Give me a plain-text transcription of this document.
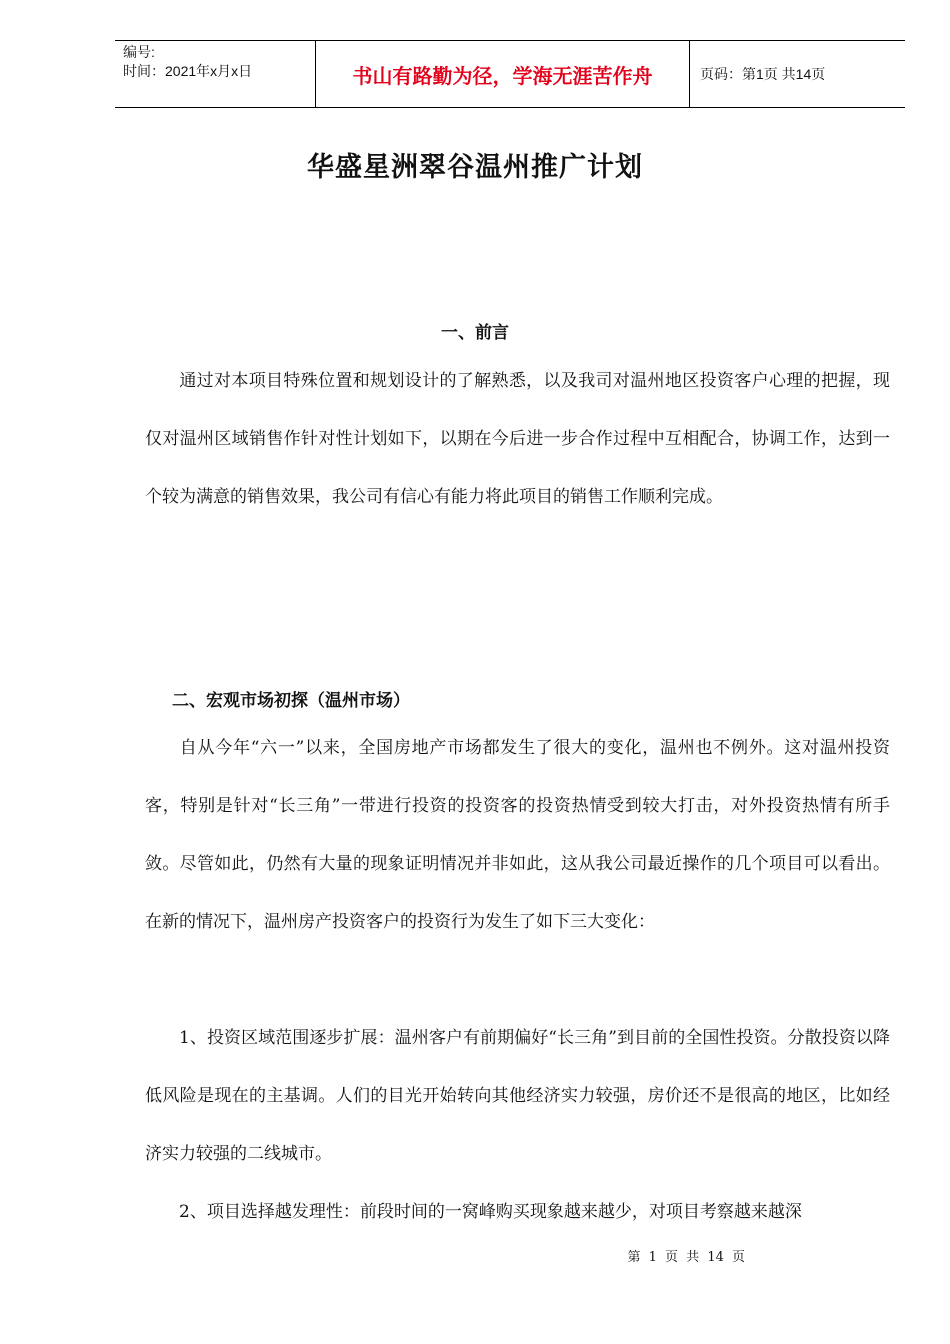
编号:
时间：2021年x月x日	书山有路勤为径，学海无涯苦作舟	页码：第1页 共14页
华盛星洲翠谷温州推广计划
一、前言

通过对本项目特殊位置和规划设计的了解熟悉，以及我司对温州地区投资客户心理的把握，现仅对温州区域销售作针对性计划如下，以期在今后进一步合作过程中互相配合，协调工作，达到一个较为满意的销售效果，我公司有信心有能力将此项目的销售工作顺利完成。

二、宏观市场初探（温州市场）

自从今年“六一”以来，全国房地产市场都发生了很大的变化，温州也不例外。这对温州投资客，特别是针对“长三角”一带进行投资的投资客的投资热情受到较大打击，对外投资热情有所手敛。尽管如此，仍然有大量的现象证明情况并非如此，这从我公司最近操作的几个项目可以看出。在新的情况下，温州房产投资客户的投资行为发生了如下三大变化：

1、投资区域范围逐步扩展：温州客户有前期偏好“长三角”到目前的全国性投资。分散投资以降低风险是现在的主基调。人们的目光开始转向其他经济实力较强，房价还不是很高的地区，比如经济实力较强的二线城市。

2、项目选择越发理性：前段时间的一窝峰购买现象越来越少，对项目考察越来越深

第 1 页 共 14 页
